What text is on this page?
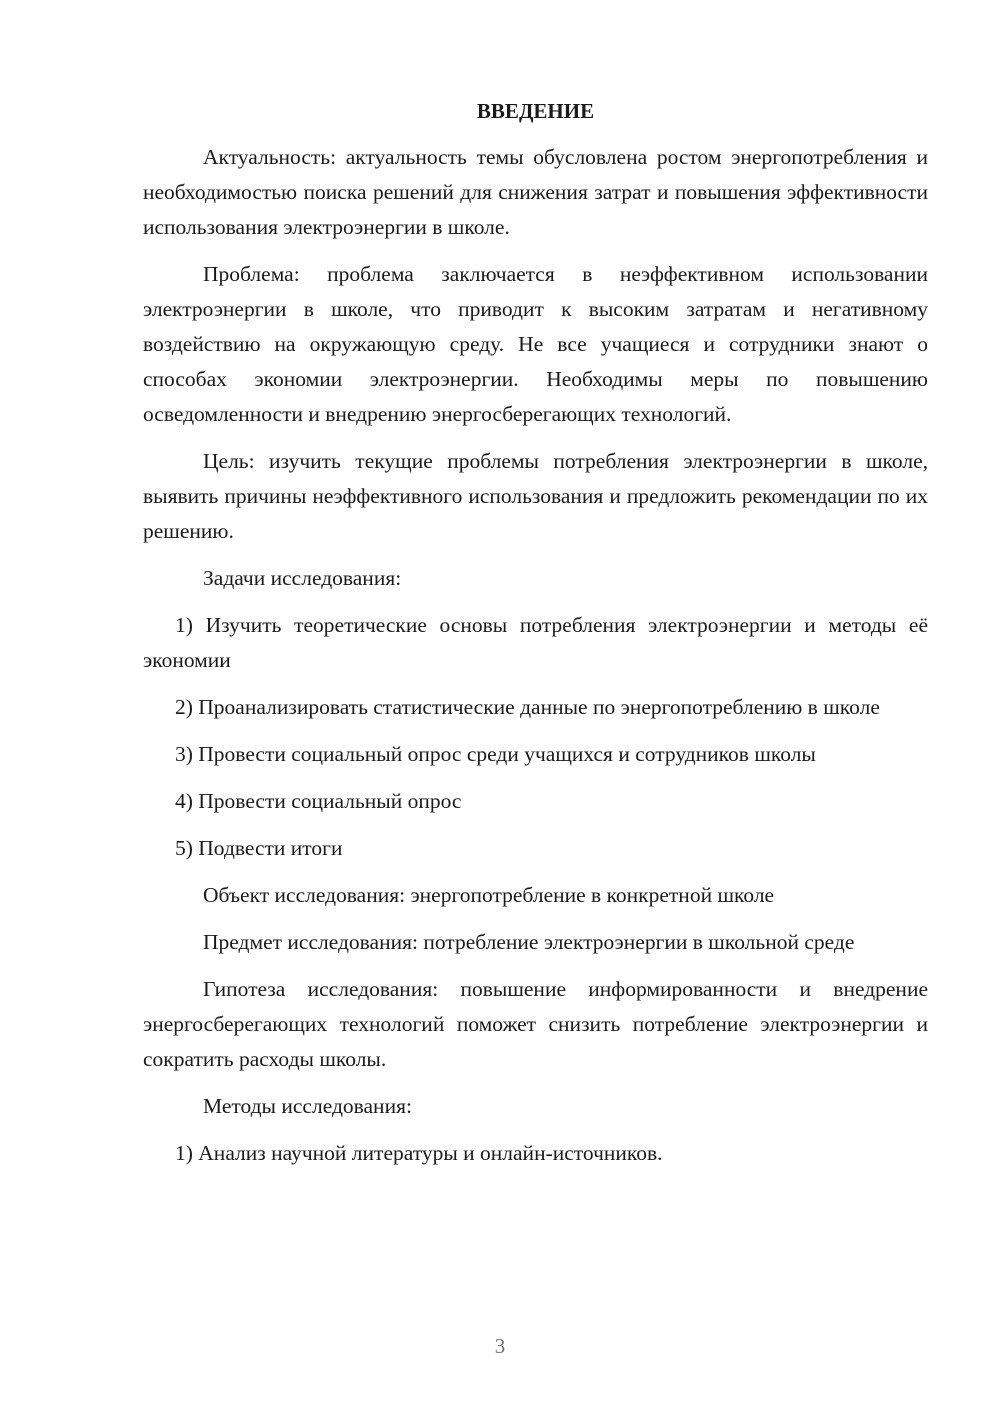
ВВЕДЕНИЕ

Актуальность: актуальность темы обусловлена ростом энергопотребления и необходимостью поиска решений для снижения затрат и повышения эффективности использования электроэнергии в школе.

Проблема: проблема заключается в неэффективном использовании электроэнергии в школе, что приводит к высоким затратам и негативному воздействию на окружающую среду. Не все учащиеся и сотрудники знают о способах экономии электроэнергии. Необходимы меры по повышению осведомленности и внедрению энергосберегающих технологий.

Цель: изучить текущие проблемы потребления электроэнергии в школе, выявить причины неэффективного использования и предложить рекомендации по их решению.

Задачи исследования:

1) Изучить теоретические основы потребления электроэнергии и методы её экономии

2) Проанализировать статистические данные по энергопотреблению в школе

3) Провести социальный опрос среди учащихся и сотрудников школы

4) Провести социальный опрос

5) Подвести итоги

Объект исследования: энергопотребление в конкретной школе

Предмет исследования: потребление электроэнергии в школьной среде

Гипотеза исследования: повышение информированности и внедрение энергосберегающих технологий поможет снизить потребление электроэнергии и сократить расходы школы.

Методы исследования:

1) Анализ научной литературы и онлайн-источников.

3
